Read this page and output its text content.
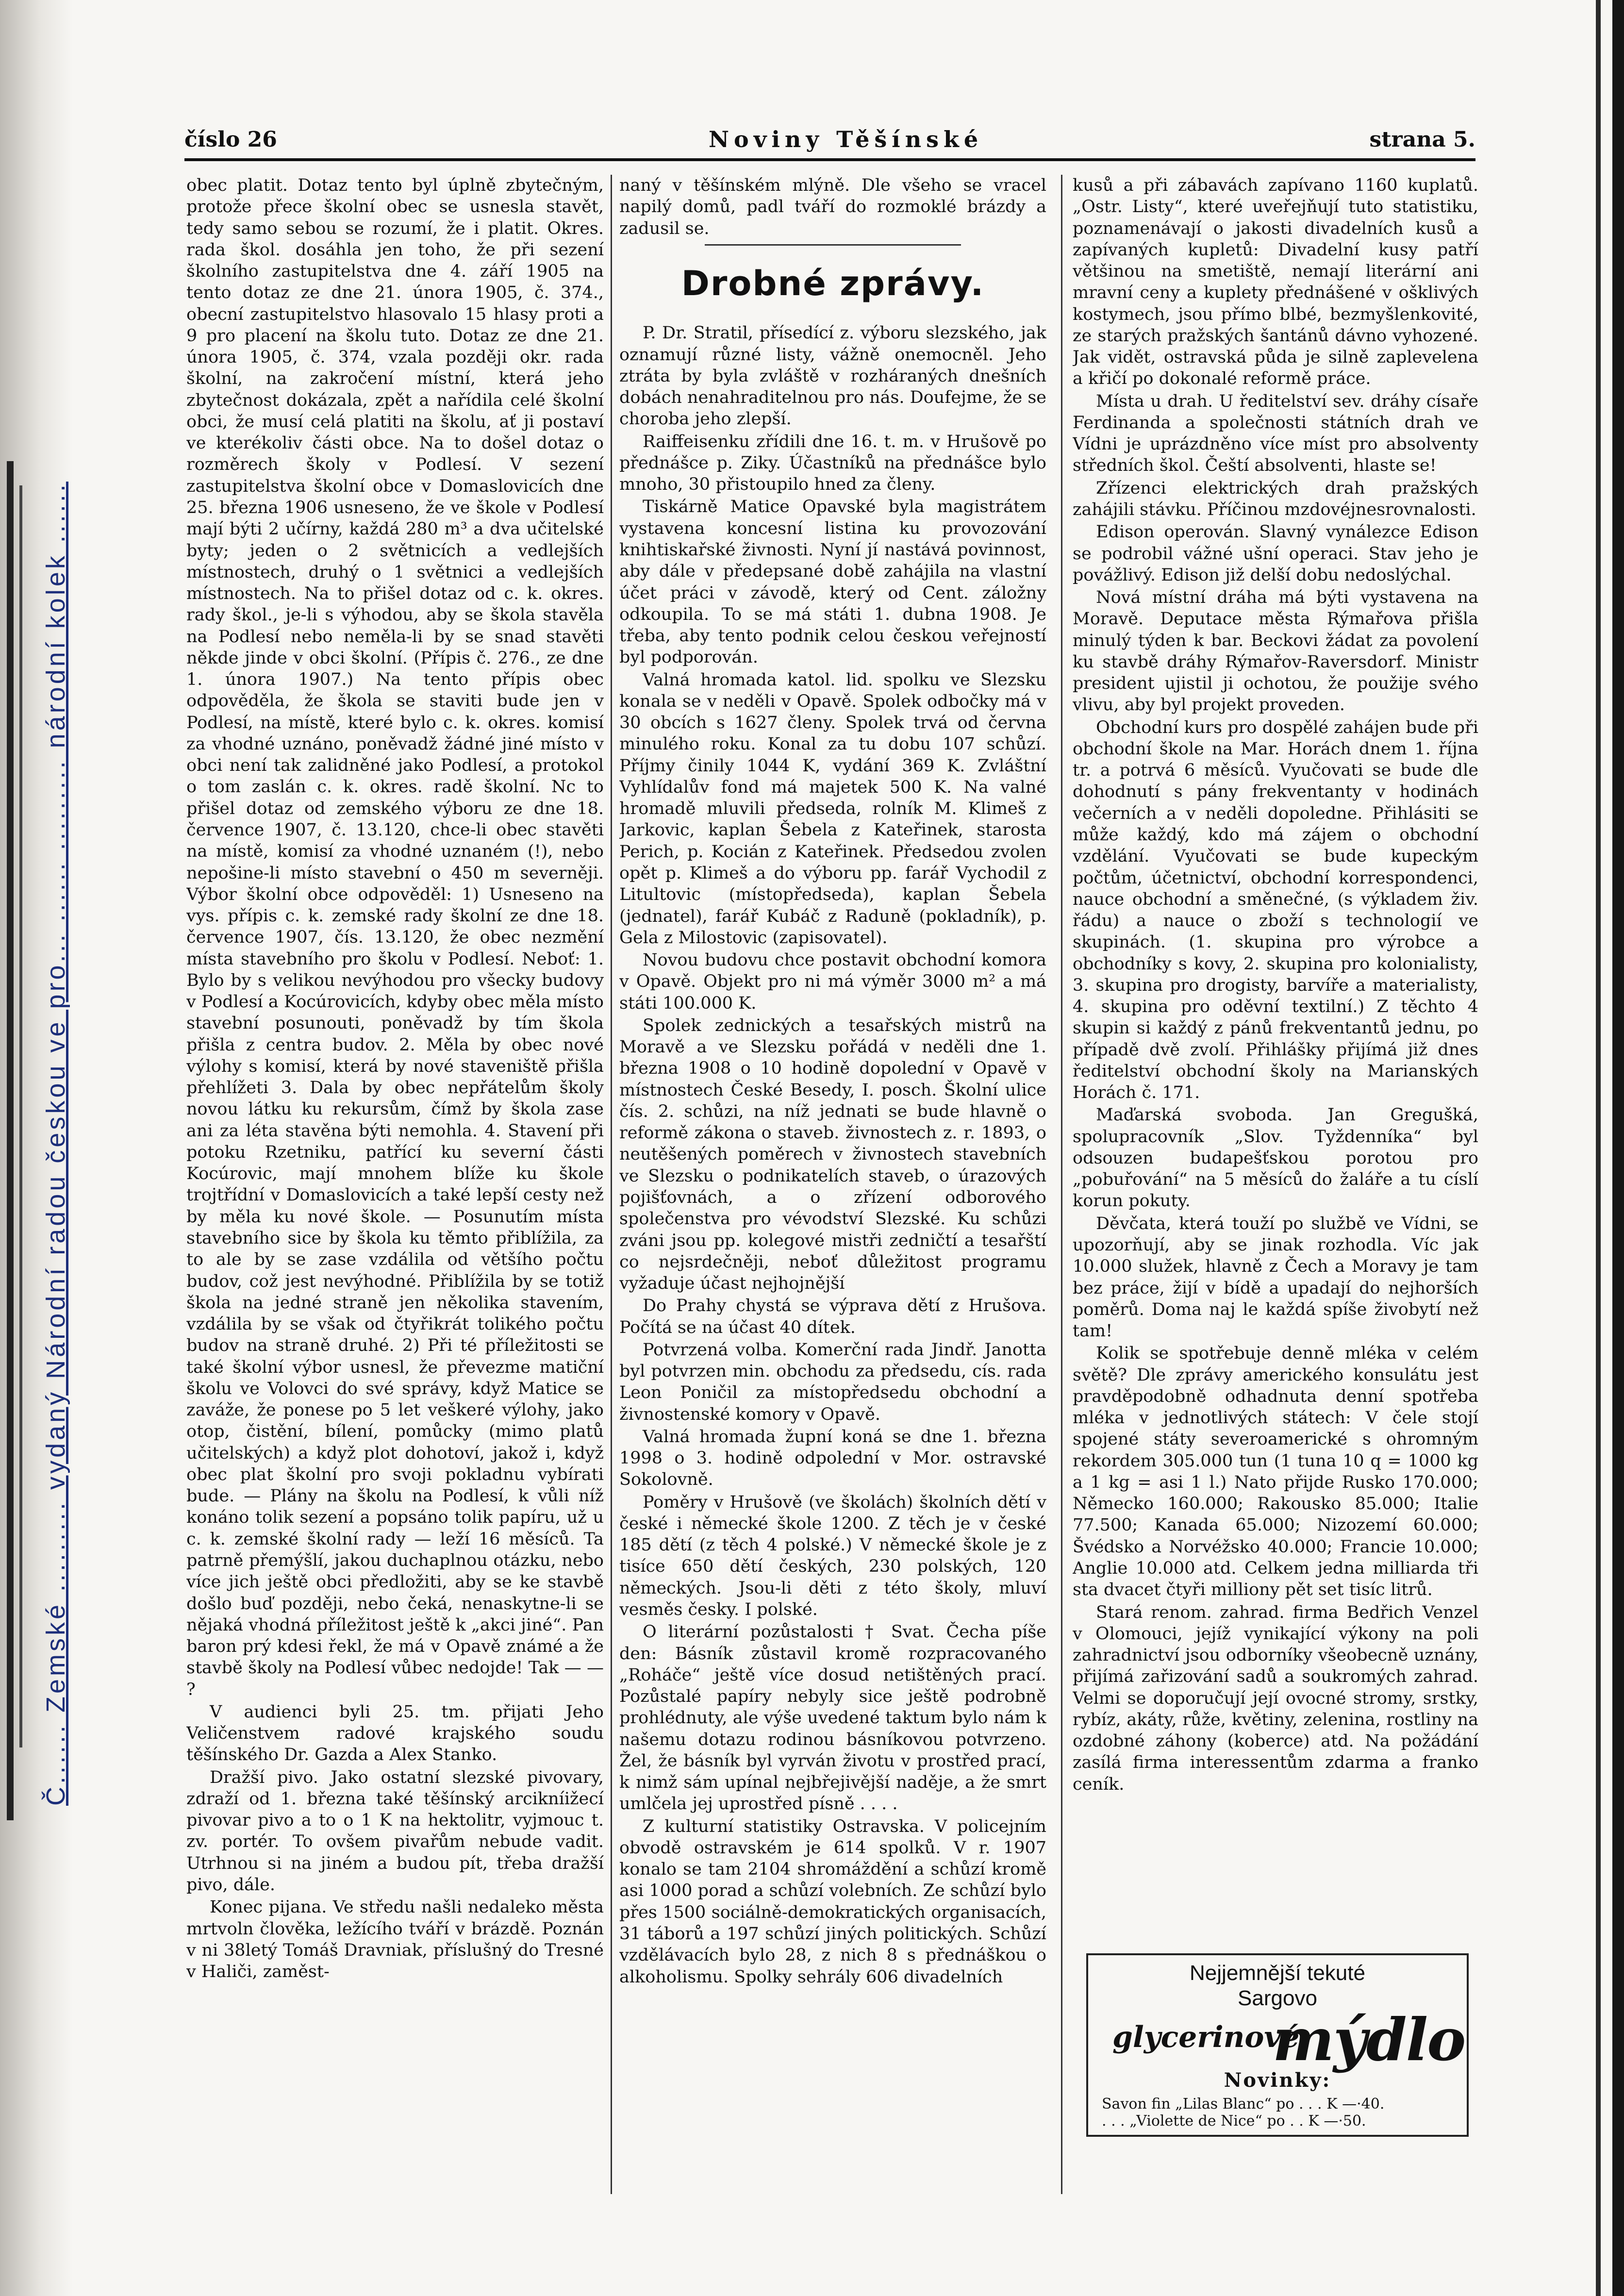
Č...... Zemské ......... vydaný Národní radou českou ve pro... ...... ......... národní kolek ......
číslo 26	Noviny Těšínské	strana 5.

obec platit. Dotaz tento byl úplně zbytečným, protože přece školní obec se usnesla stavět, tedy samo sebou se rozumí, že i platit. Okres. rada škol. dosáhla jen toho, že při sezení školního zastupitelstva dne 4. září 1905 na tento dotaz ze dne 21. února 1905, č. 374., obecní zastupitelstvo hlasovalo 15 hlasy proti a 9 pro placení na školu tuto. Dotaz ze dne 21. února 1905, č. 374, vzala později okr. rada školní, na zakročení místní, která jeho zbytečnost dokázala, zpět a nařídila celé školní obci, že musí celá platiti na školu, ať ji postaví ve kterékoliv části obce. Na to došel dotaz o rozměrech školy v Podlesí. V sezení zastupitelstva školní obce v Domaslovicích dne 25. března 1906 usneseno, že ve škole v Podlesí mají býti 2 učírny, každá 280 m³ a dva učitelské byty; jeden o 2 světnicích a vedlejších místnostech, druhý o 1 světnici a vedlejších místnostech. Na to přišel dotaz od c. k. okres. rady škol., je-li s výhodou, aby se škola stavěla na Podlesí nebo neměla-li by se snad stavěti někde jinde v obci školní. (Přípis č. 276., ze dne 1. února 1907.) Na tento přípis obec odpověděla, že škola se staviti bude jen v Podlesí, na místě, které bylo c. k. okres. komisí za vhodné uznáno, poněvadž žádné jiné místo v obci není tak zalidněné jako Podlesí, a protokol o tom zaslán c. k. okres. radě školní. Nc to přišel dotaz od zemského výboru ze dne 18. července 1907, č. 13.120, chce-li obec stavěti na místě, komisí za vhodné uznaném (!), nebo nepošine-li místo stavební o 450 m severněji. Výbor školní obce odpověděl: 1) Usneseno na vys. přípis c. k. zemské rady školní ze dne 18. července 1907, čís. 13.120, že obec nezmění místa stavebního pro školu v Podlesí. Neboť: 1. Bylo by s velikou nevýhodou pro všecky budovy v Podlesí a Kocúrovicích, kdyby obec měla místo stavební posunouti, poněvadž by tím škola přišla z centra budov. 2. Měla by obec nové výlohy s komisí, která by nové staveniště přišla přehlížeti 3. Dala by obec nepřátelům školy novou látku ku rekursům, čímž by škola zase ani za léta stavěna býti nemohla. 4. Stavení při potoku Rzetniku, patřící ku severní části Kocúrovic, mají mnohem blíže ku škole trojtřídní v Domaslovicích a také lepší cesty než by měla ku nové škole. — Posunutím místa stavebního sice by škola ku těmto přiblížila, za to ale by se zase vzdálila od většího počtu budov, což jest nevýhodné. Přiblížila by se totiž škola na jedné straně jen několika stavením, vzdálila by se však od čtyřikrát tolikého počtu budov na straně druhé. 2) Při té příležitosti se také školní výbor usnesl, že převezme matiční školu ve Volovci do své správy, když Matice se zaváže, že ponese po 5 let veškeré výlohy, jako otop, čistění, bílení, pomůcky (mimo platů učitelských) a když plot dohotoví, jakož i, když obec plat školní pro svoji pokladnu vybírati bude. — Plány na školu na Podlesí, k vůli níž konáno tolik sezení a popsáno tolik papíru, už u c. k. zemské školní rady — leží 16 měsíců. Ta patrně přemýšlí, jakou duchaplnou otázku, nebo více jich ještě obci předložiti, aby se ke stavbě došlo buď později, nebo čeká, nenaskytne-li se nějaká vhodná příležitost ještě k „akci jiné“. Pan baron prý kdesi řekl, že má v Opavě známé a že stavbě školy na Podlesí vůbec nedojde! Tak — — ?

V audienci byli 25. tm. přijati Jeho Veličenstvem radové krajského soudu těšínského Dr. Gazda a Alex Stanko.

Dražší pivo. Jako ostatní slezské pivovary, zdraží od 1. března také těšínský arcikníižecí pivovar pivo a to o 1 K na hektolitr, vyjmouc t. zv. portér. To ovšem pivařům nebude vadit. Utrhnou si na jiném a budou pít, třeba dražší pivo, dále.

Konec pijana. Ve středu našli nedaleko města mrtvoln člověka, ležícího tváří v brázdě. Poznán v ni 38letý Tomáš Dravniak, příslušný do Tresné v Haliči, zaměst-

naný v těšínském mlýně. Dle všeho se vracel napilý domů, padl tváří do rozmoklé brázdy a zadusil se.

Drobné zprávy.

P. Dr. Stratil, přísedící z. výboru slezského, jak oznamují různé listy, vážně onemocněl. Jeho ztráta by byla zvláště v rozháraných dnešních dobách nenahraditelnou pro nás. Doufejme, že se choroba jeho zlepší.

Raiffeisenku zřídili dne 16. t. m. v Hrušově po přednášce p. Ziky. Účastníků na přednášce bylo mnoho, 30 přistoupilo hned za členy.

Tiskárně Matice Opavské byla magistrátem vystavena koncesní listina ku provozování knihtiskařské živnosti. Nyní jí nastává povinnost, aby dále v předepsané době zahájila na vlastní účet práci v závodě, který od Cent. záložny odkoupila. To se má státi 1. dubna 1908. Je třeba, aby tento podnik celou českou veřejností byl podporován.

Valná hromada katol. lid. spolku ve Slezsku konala se v neděli v Opavě. Spolek odbočky má v 30 obcích s 1627 členy. Spolek trvá od června minulého roku. Konal za tu dobu 107 schůzí. Příjmy činily 1044 K, vydání 369 K. Zvláštní Vyhlídalův fond má majetek 500 K. Na valné hromadě mluvili předseda, rolník M. Klimeš z Jarkovic, kaplan Šebela z Kateřinek, starosta Perich, p. Kocián z Kateřinek. Předsedou zvolen opět p. Klimeš a do výboru pp. farář Vychodil z Litultovic (místopředseda), kaplan Šebela (jednatel), farář Kubáč z Raduně (pokladník), p. Gela z Milostovic (zapisovatel).

Novou budovu chce postavit obchodní komora v Opavě. Objekt pro ni má výměr 3000 m² a má státi 100.000 K.

Spolek zednických a tesařských mistrů na Moravě a ve Slezsku pořádá v neděli dne 1. března 1908 o 10 hodině dopolední v Opavě v místnostech České Besedy, I. posch. Školní ulice čís. 2. schůzi, na níž jednati se bude hlavně o reformě zákona o staveb. živnostech z. r. 1893, o neutěšených poměrech v živnostech stavebních ve Slezsku o podnikatelích staveb, o úrazových pojišťovnách, a o zřízení odborového společenstva pro vévodství Slezské. Ku schůzi zváni jsou pp. kolegové mistři zedničtí a tesařští co nejsrdečněji, neboť důležitost programu vyžaduje účast nejhojnější

Do Prahy chystá se výprava dětí z Hrušova. Počítá se na účast 40 dítek.

Potvrzená volba. Komerční rada Jindř. Janotta byl potvrzen min. obchodu za předsedu, cís. rada Leon Poničil za místopředsedu obchodní a živnostenské komory v Opavě.

Valná hromada župní koná se dne 1. března 1998 o 3. hodině odpolední v Mor. ostravské Sokolovně.

Poměry v Hrušově (ve školách) školních dětí v české i německé škole 1200. Z těch je v české 185 dětí (z těch 4 polské.) V německé škole je z tisíce 650 dětí českých, 230 polských, 120 německých. Jsou-li děti z této školy, mluví vesměs česky. I polské.

O literární pozůstalosti † Svat. Čecha píše den: Básník zůstavil kromě rozpracovaného „Roháče“ ještě více dosud netištěných prací. Pozůstalé papíry nebyly sice ještě podrobně prohlédnuty, ale výše uvedené taktum bylo nám k našemu dotazu rodinou básníkovou potvrzeno. Žel, že básník byl vyrván životu v prostřed prací, k nimž sám upínal nejbřejivější naděje, a že smrt umlčela jej uprostřed písně . . . .

Z kulturní statistiky Ostravska. V policejním obvodě ostravském je 614 spolků. V r. 1907 konalo se tam 2104 shromáždění a schůzí kromě asi 1000 porad a schůzí volebních. Ze schůzí bylo přes 1500 sociálně-demokratických organisacích, 31 táborů a 197 schůzí jiných politických. Schůzí vzdělávacích bylo 28, z nich 8 s přednáškou o alkoholismu. Spolky sehrály 606 divadelních

kusů a při zábavách zapívano 1160 kuplatů. „Ostr. Listy“, které uveřejňují tuto statistiku, poznamenávají o jakosti divadelních kusů a zapívaných kupletů: Divadelní kusy patří většinou na smetiště, nemají literární ani mravní ceny a kuplety přednášené v ošklivých kostymech, jsou přímo blbé, bezmyšlenkovité, ze starých pražských šantánů dávno vyhozené. Jak vidět, ostravská půda je silně zaplevelena a křičí po dokonalé reformě práce.

Místa u drah. U ředitelství sev. dráhy císaře Ferdinanda a společnosti státních drah ve Vídni je uprázdněno více míst pro absolventy středních škol. Čeští absolventi, hlaste se!

Zřízenci elektrických drah pražských zahájili stávku. Příčinou mzdovéjnesrovnalosti.

Edison operován. Slavný vynálezce Edison se podrobil vážné ušní operaci. Stav jeho je povážlivý. Edison již delší dobu nedoslýchal.

Nová místní dráha má býti vystavena na Moravě. Deputace města Rýmařova přišla minulý týden k bar. Beckovi žádat za povolení ku stavbě dráhy Rýmařov-Raversdorf. Ministr president ujistil ji ochotou, že použije svého vlivu, aby byl projekt proveden.

Obchodní kurs pro dospělé zahájen bude při obchodní škole na Mar. Horách dnem 1. října tr. a potrvá 6 měsíců. Vyučovati se bude dle dohodnutí s pány frekventanty v hodinách večerních a v neděli dopoledne. Přihlásiti se může každý, kdo má zájem o obchodní vzdělání. Vyučovati se bude kupeckým počtům, účetnictví, obchodní korrespondenci, nauce obchodní a směnečné, (s výkladem živ. řádu) a nauce o zboží s technologií ve skupinách. (1. skupina pro výrobce a obchodníky s kovy, 2. skupina pro kolonialisty, 3. skupina pro drogisty, barvíře a materialisty, 4. skupina pro oděvní textilní.) Z těchto 4 skupin si každý z pánů frekventantů jednu, po případě dvě zvolí. Přihlášky přijímá již dnes ředitelství obchodní školy na Marianských Horách č. 171.

Maďarská svoboda. Jan Gregušká, spolupracovník „Slov. Tyždenníka“ byl odsouzen budapešťskou porotou pro „pobuřování“ na 5 měsíců do žaláře a tu císlí korun pokuty.

Děvčata, která touží po službě ve Vídni, se upozorňují, aby se jinak rozhodla. Víc jak 10.000 služek, hlavně z Čech a Moravy je tam bez práce, žijí v bídě a upadají do nejhorších poměrů. Doma naj le každá spíše živobytí než tam!

Kolik se spotřebuje denně mléka v celém světě? Dle zprávy amerického konsulátu jest pravděpodobně odhadnuta denní spotřeba mléka v jednotlivých státech: V čele stojí spojené státy severoamerické s ohromným rekordem 305.000 tun (1 tuna 10 q = 1000 kg a 1 kg = asi 1 l.) Nato přijde Rusko 170.000; Německo 160.000; Rakousko 85.000; Italie 77.500; Kanada 65.000; Nizozemí 60.000; Švédsko a Norvéžsko 40.000; Francie 10.000; Anglie 10.000 atd. Celkem jedna milliarda tři sta dvacet čtyři milliony pět set tisíc litrů.

Stará renom. zahrad. firma Bedřich Venzel v Olomouci, jejíž vynikající výkony na poli zahradnictví jsou odborníky všeobecně uznány, přijímá zařizování sadů a soukromých zahrad. Velmi se doporučují její ovocné stromy, srstky, rybíz, akáty, růže, květiny, zelenina, rostliny na ozdobné záhony (koberce) atd. Na požádání zasílá firma interessentům zdarma a franko ceník.

Nejjemnější tekuté
Sargovo
glycerinové
mýdlo
Novinky:
Savon fin „Lilas Blanc“ po . . . K —·40.
. . . „Violette de Nice“ po . . K —·50.
